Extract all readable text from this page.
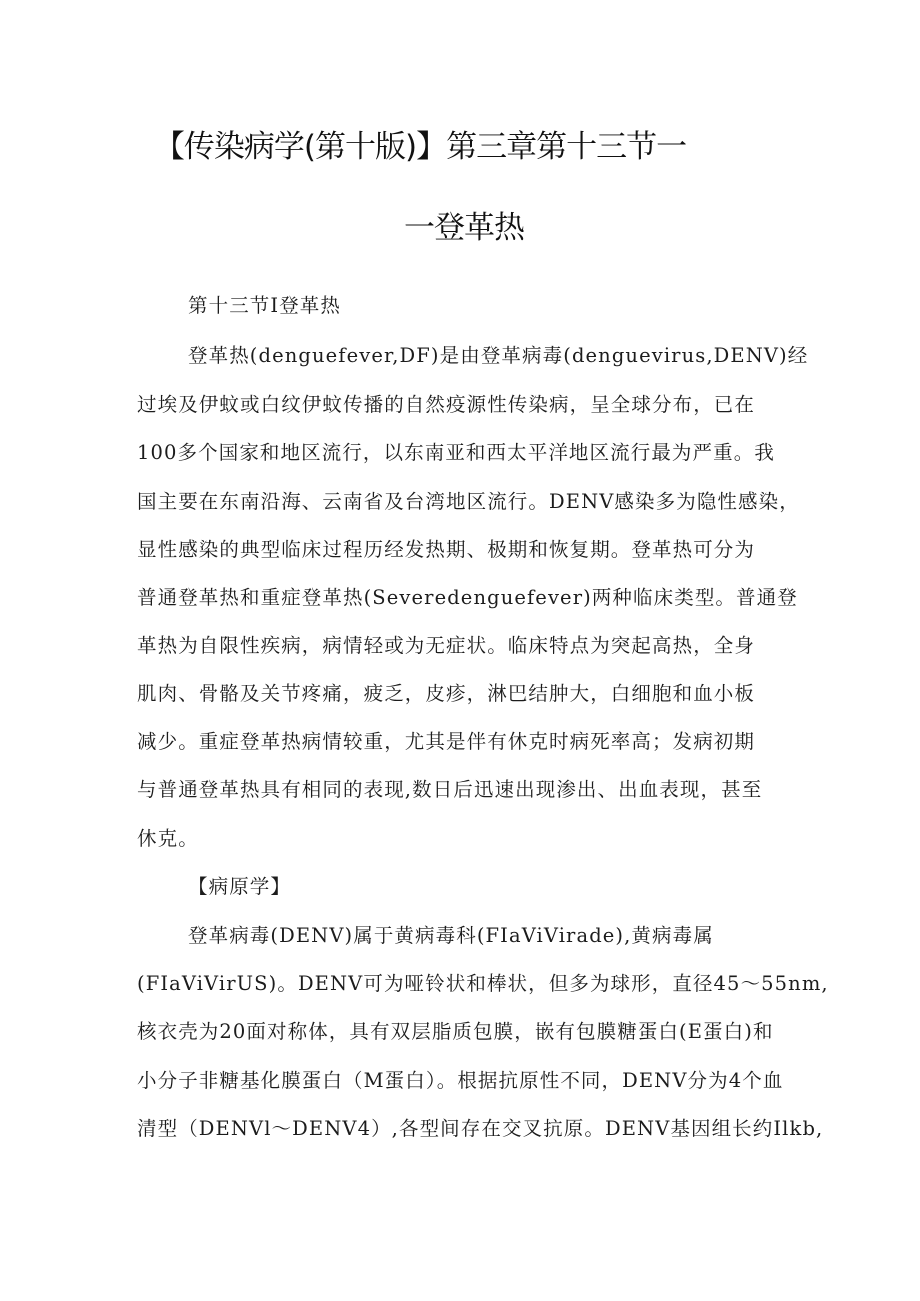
【传染病学(第十版)】第三章第十三节一
一登革热
第十三节I登革热
登革热(denguefever,DF)是由登革病毒(denguevirus,DENV)经
过埃及伊蚊或白纹伊蚊传播的自然疫源性传染病，呈全球分布，已在
100多个国家和地区流行，以东南亚和西太平洋地区流行最为严重。我
国主要在东南沿海、云南省及台湾地区流行。DENV感染多为隐性感染，
显性感染的典型临床过程历经发热期、极期和恢复期。登革热可分为
普通登革热和重症登革热(Severedenguefever)两种临床类型。普通登
革热为自限性疾病，病情轻或为无症状。临床特点为突起高热，全身
肌肉、骨骼及关节疼痛，疲乏，皮疹，淋巴结肿大，白细胞和血小板
减少。重症登革热病情较重，尤其是伴有休克时病死率高；发病初期
与普通登革热具有相同的表现,数日后迅速出现渗出、出血表现，甚至
休克。
【病原学】
登革病毒(DENV)属于黄病毒科(FIaViVirade),黄病毒属
(FIaViVirUS)。DENV可为哑铃状和棒状，但多为球形，直径45～55nm,
核衣壳为20面对称体，具有双层脂质包膜，嵌有包膜糖蛋白(E蛋白)和
小分子非糖基化膜蛋白（M蛋白）。根据抗原性不同，DENV分为4个血
清型（DENVl～DENV4）,各型间存在交叉抗原。DENV基因组长约Ilkb,
